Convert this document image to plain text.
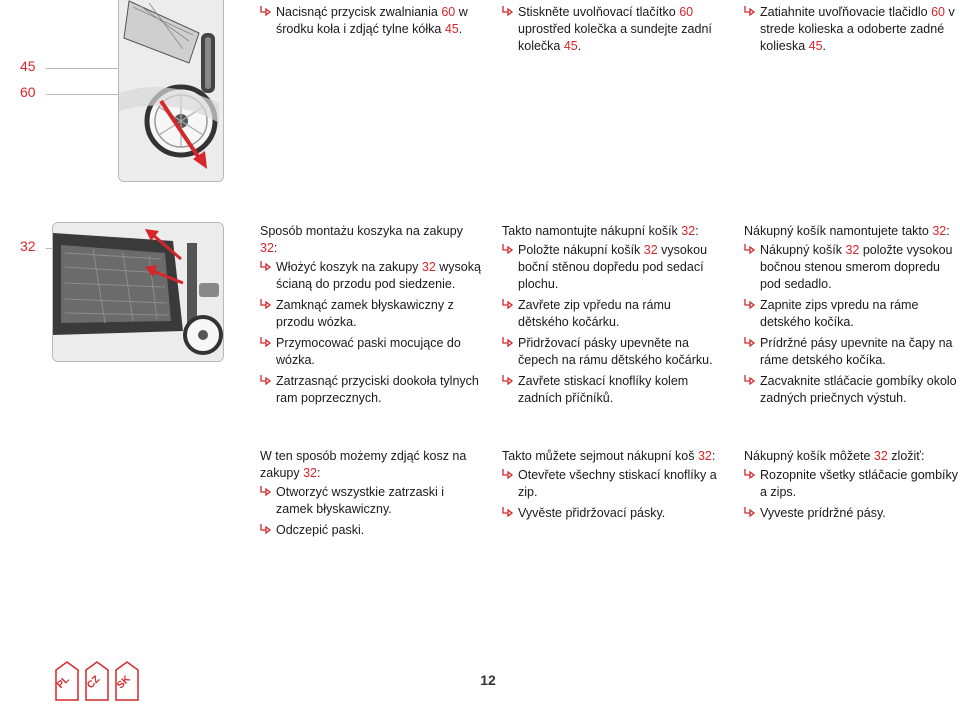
45
60
32
Nacisnąć przycisk zwalniania 60 w środku koła i zdjąć tylne kółka 45.
Stiskněte uvolňovací tlačítko 60 uprostřed kolečka a sundejte zadní kolečka 45.
Zatiahnite uvoľňovacie tlačidlo 60 v strede kolieska a odoberte zadné kolieska 45.
Sposób montażu koszyka na zakupy 32:
Włożyć koszyk na zakupy 32 wysoką ścianą do przodu pod siedzenie.
Zamknąć zamek błyskawiczny z przodu wózka.
Przymocować paski mocujące do wózka.
Zatrzasnąć przyciski dookoła tylnych ram poprzecznych.
Takto namontujte nákupní košík 32:
Položte nákupní košík 32 vysokou boční stěnou dopředu pod sedací plochu.
Zavřete zip vpředu na rámu dětského kočárku.
Přidržovací pásky upevněte na čepech na rámu dětského kočárku.
Zavřete stiskací knoflíky kolem zadních příčníků.
Nákupný košík namontujete takto 32:
Nákupný košík 32 položte vysokou bočnou stenou smerom dopredu pod sedadlo.
Zapnite zips vpredu na ráme detského kočíka.
Prídržné pásy upevnite na čapy na ráme detského kočíka.
Zacvaknite stláčacie gombíky okolo zadných priečnych výstuh.
W ten sposób możemy zdjąć kosz na zakupy 32:
Otworzyć wszystkie zatrzaski i zamek błyskawiczny.
Odczepić paski.
Takto můžete sejmout nákupní koš 32:
Otevřete všechny stiskací knoflíky a zip.
Vyvěste přidržovací pásky.
Nákupný košík môžete 32 zložiť:
Rozopnite všetky stláčacie gombíky a zips.
Vyveste prídržné pásy.
PL CZ SK	12
